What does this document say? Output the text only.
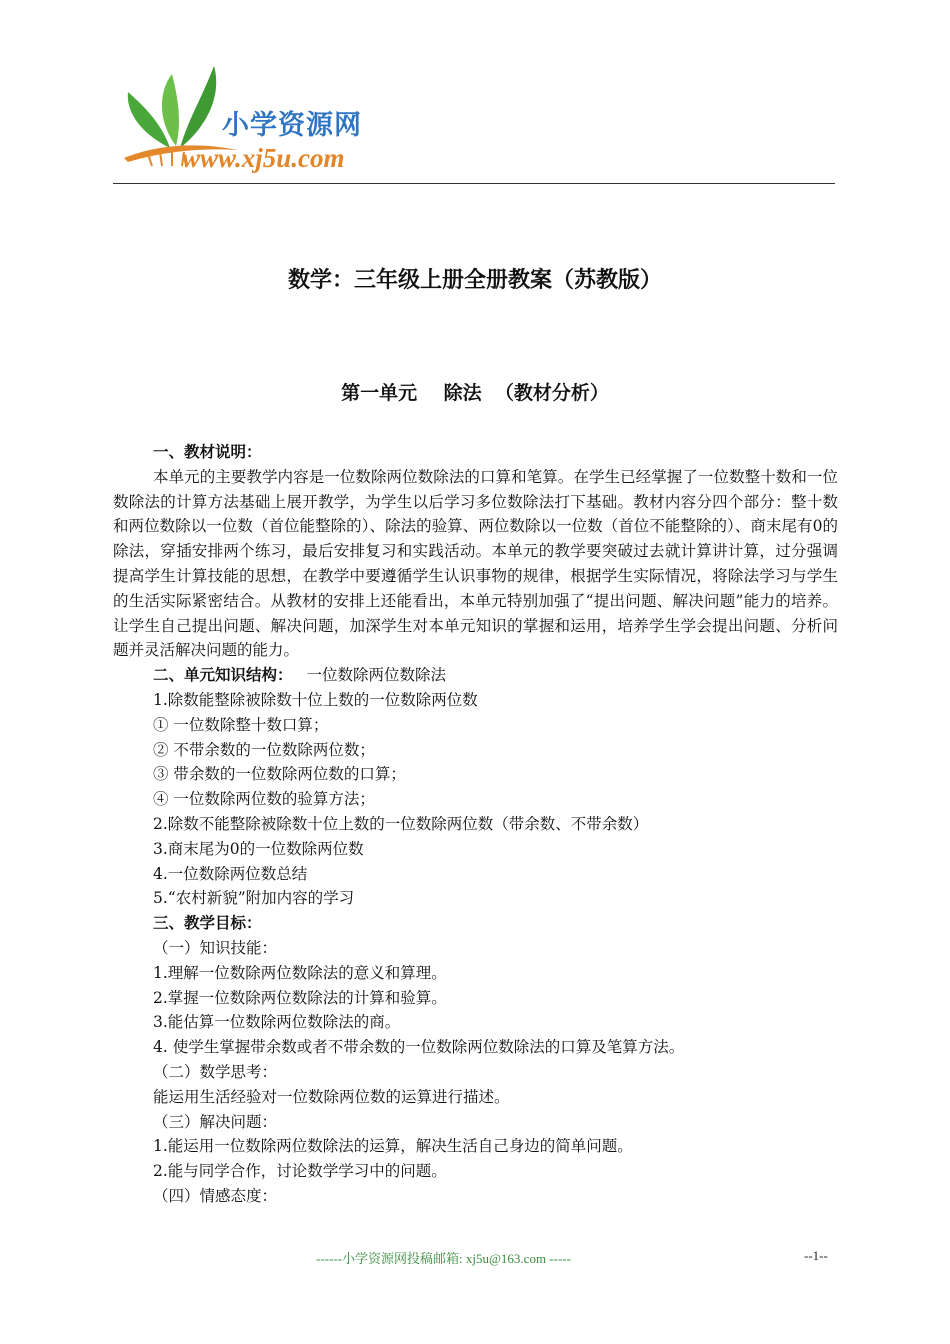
小学资源网
www.xj5u.com
数学：三年级上册全册教案（苏教版）
第一单元    除法  （教材分析）
一、教材说明：

本单元的主要教学内容是一位数除两位数除法的口算和笔算。在学生已经掌握了一位数整十数和一位数除法的计算方法基础上展开教学，为学生以后学习多位数除法打下基础。教材内容分四个部分：整十数和两位数除以一位数（首位能整除的）、除法的验算、两位数除以一位数（首位不能整除的）、商末尾有0的除法，穿插安排两个练习，最后安排复习和实践活动。本单元的教学要突破过去就计算讲计算，过分强调提高学生计算技能的思想，在教学中要遵循学生认识事物的规律，根据学生实际情况，将除法学习与学生的生活实际紧密结合。从教材的安排上还能看出，本单元特别加强了“提出问题、解决问题”能力的培养。让学生自己提出问题、解决问题，加深学生对本单元知识的掌握和运用，培养学生学会提出问题、分析问题并灵活解决问题的能力。

二、单元知识结构： 一位数除两位数除法
1.除数能整除被除数十位上数的一位数除两位数
① 一位数除整十数口算；
② 不带余数的一位数除两位数；
③ 带余数的一位数除两位数的口算；
④ 一位数除两位数的验算方法；
2.除数不能整除被除数十位上数的一位数除两位数（带余数、不带余数）
3.商末尾为0的一位数除两位数
4.一位数除两位数总结
5.“农村新貌”附加内容的学习
三、教学目标：
（一）知识技能：
1.理解一位数除两位数除法的意义和算理。
2.掌握一位数除两位数除法的计算和验算。
3.能估算一位数除两位数除法的商。
4. 使学生掌握带余数或者不带余数的一位数除两位数除法的口算及笔算方法。
（二）数学思考：
能运用生活经验对一位数除两位数的运算进行描述。
（三）解决问题：
1.能运用一位数除两位数除法的运算，解决生活自己身边的简单问题。
2.能与同学合作，讨论数学学习中的问题。
（四）情感态度：
------小学资源网投稿邮箱: xj5u@163.com -----	--1--
